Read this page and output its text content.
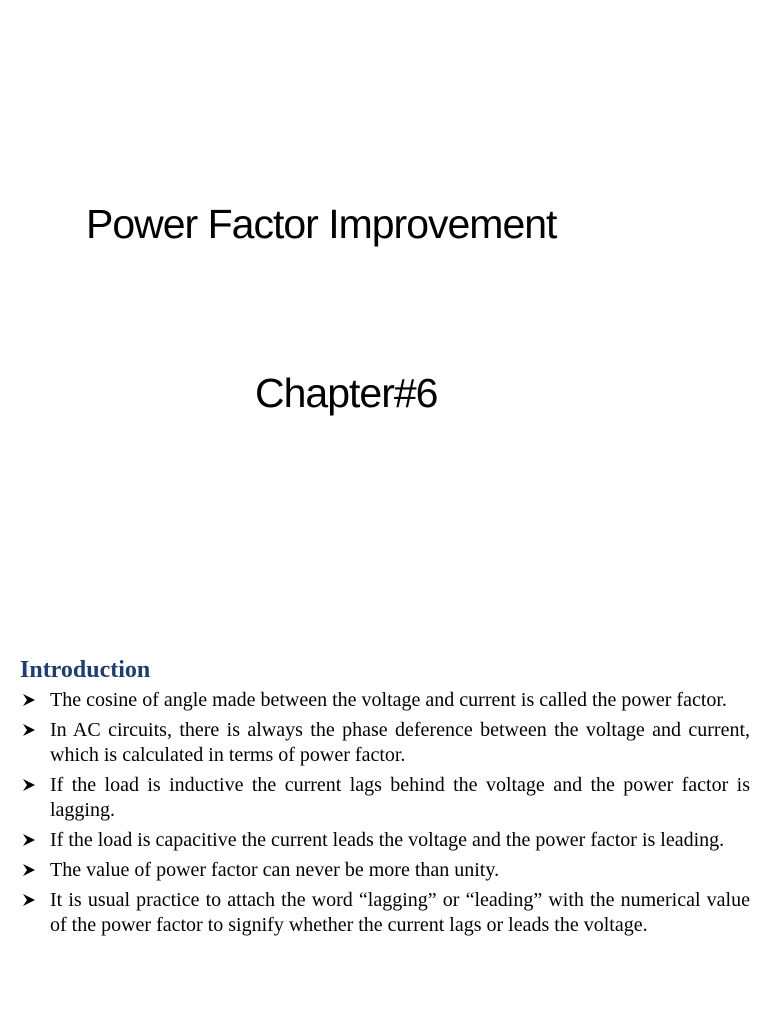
Power Factor Improvement
Chapter#6
Introduction
The cosine of angle made between the voltage and current is called the power factor.
In AC circuits, there is always the phase deference between the voltage and current, which is calculated in terms of power factor.
If the load is inductive the current lags behind the voltage and the power factor is lagging.
If the load is capacitive the current leads the voltage and the power factor is leading.
The value of power factor can never be more than unity.
It is usual practice to attach the word “lagging” or “leading” with the numerical value of the power factor to signify whether the current lags or leads the voltage.
